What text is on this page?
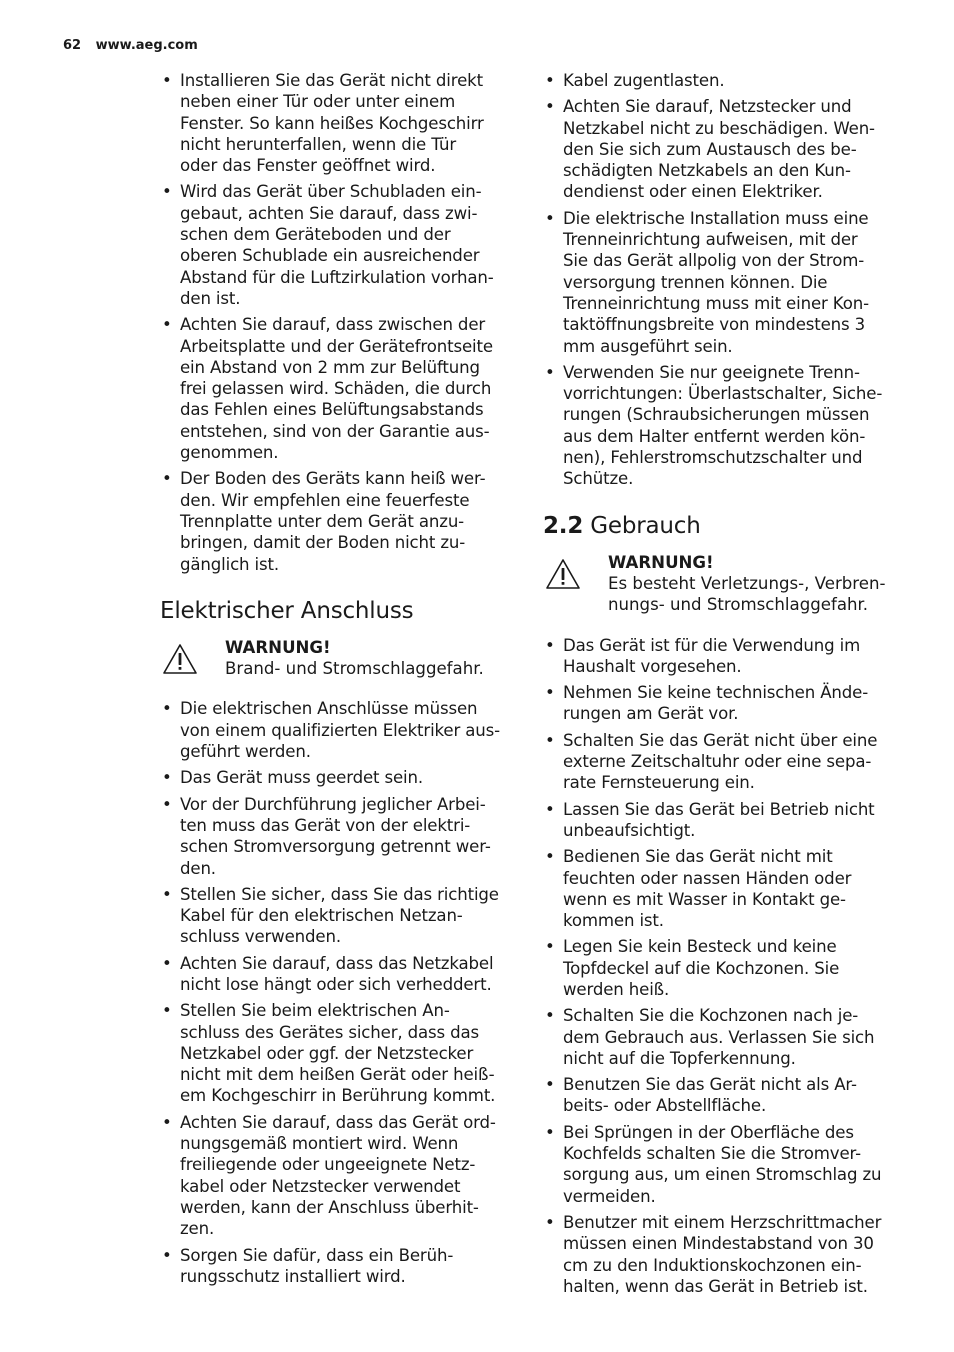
62 www.aeg.com
• Installieren Sie das Gerät nicht direkt
neben einer Tür oder unter einem
Fenster. So kann heißes Kochgeschirr
nicht herunterfallen, wenn die Tür
oder das Fenster geöffnet wird.
• Wird das Gerät über Schubladen ein-
gebaut, achten Sie darauf, dass zwi-
schen dem Geräteboden und der
oberen Schublade ein ausreichender
Abstand für die Luftzirkulation vorhan-
den ist.
• Achten Sie darauf, dass zwischen der
Arbeitsplatte und der Gerätefrontseite
ein Abstand von 2 mm zur Belüftung
frei gelassen wird. Schäden, die durch
das Fehlen eines Belüftungsabstands
entstehen, sind von der Garantie aus-
genommen.
• Der Boden des Geräts kann heiß wer-
den. Wir empfehlen eine feuerfeste
Trennplatte unter dem Gerät anzu-
bringen, damit der Boden nicht zu-
gänglich ist.
Elektrischer Anschluss
WARNUNG!
Brand- und Stromschlaggefahr.
• Die elektrischen Anschlüsse müssen
von einem qualifizierten Elektriker aus-
geführt werden.
• Das Gerät muss geerdet sein.
• Vor der Durchführung jeglicher Arbei-
ten muss das Gerät von der elektri-
schen Stromversorgung getrennt wer-
den.
• Stellen Sie sicher, dass Sie das richtige
Kabel für den elektrischen Netzan-
schluss verwenden.
• Achten Sie darauf, dass das Netzkabel
nicht lose hängt oder sich verheddert.
• Stellen Sie beim elektrischen An-
schluss des Gerätes sicher, dass das
Netzkabel oder ggf. der Netzstecker
nicht mit dem heißen Gerät oder heiß-
em Kochgeschirr in Berührung kommt.
• Achten Sie darauf, dass das Gerät ord-
nungsgemäß montiert wird. Wenn
freiliegende oder ungeeignete Netz-
kabel oder Netzstecker verwendet
werden, kann der Anschluss überhit-
zen.
• Sorgen Sie dafür, dass ein Berüh-
rungsschutz installiert wird.
• Kabel zugentlasten.
• Achten Sie darauf, Netzstecker und
Netzkabel nicht zu beschädigen. Wen-
den Sie sich zum Austausch des be-
schädigten Netzkabels an den Kun-
dendienst oder einen Elektriker.
• Die elektrische Installation muss eine
Trenneinrichtung aufweisen, mit der
Sie das Gerät allpolig von der Strom-
versorgung trennen können. Die
Trenneinrichtung muss mit einer Kon-
taktöffnungsbreite von mindestens 3
mm ausgeführt sein.
• Verwenden Sie nur geeignete Trenn-
vorrichtungen: Überlastschalter, Siche-
rungen (Schraubsicherungen müssen
aus dem Halter entfernt werden kön-
nen), Fehlerstromschutzschalter und
Schütze.
2.2 Gebrauch
WARNUNG!
Es besteht Verletzungs-, Verbren-
nungs- und Stromschlaggefahr.
• Das Gerät ist für die Verwendung im
Haushalt vorgesehen.
• Nehmen Sie keine technischen Ände-
rungen am Gerät vor.
• Schalten Sie das Gerät nicht über eine
externe Zeitschaltuhr oder eine sepa-
rate Fernsteuerung ein.
• Lassen Sie das Gerät bei Betrieb nicht
unbeaufsichtigt.
• Bedienen Sie das Gerät nicht mit
feuchten oder nassen Händen oder
wenn es mit Wasser in Kontakt ge-
kommen ist.
• Legen Sie kein Besteck und keine
Topfdeckel auf die Kochzonen. Sie
werden heiß.
• Schalten Sie die Kochzonen nach je-
dem Gebrauch aus. Verlassen Sie sich
nicht auf die Topferkennung.
• Benutzen Sie das Gerät nicht als Ar-
beits- oder Abstellfläche.
• Bei Sprüngen in der Oberfläche des
Kochfelds schalten Sie die Stromver-
sorgung aus, um einen Stromschlag zu
vermeiden.
• Benutzer mit einem Herzschrittmacher
müssen einen Mindestabstand von 30
cm zu den Induktionskochzonen ein-
halten, wenn das Gerät in Betrieb ist.
